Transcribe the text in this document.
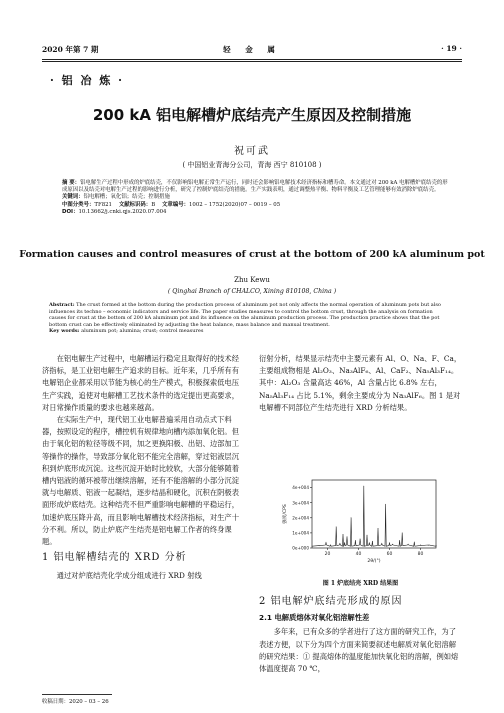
2020 年第 7 期	轻 金 属	· 19 ·
· 铝 冶 炼 ·
200 kA 铝电解槽炉底结壳产生原因及控制措施
祝可武
( 中国铝业青海分公司，青海 西宁 810108 )
摘 要：铝电解生产过程中形成的炉底结壳，不仅影响铝电解正常生产运行，同时还会影响铝电解技术经济指标和槽寿命。本文通过对 200 kA 电解槽炉底结壳的形成原因以及结壳对电解生产过程的影响进行分析，研究了控制炉底结壳的措施。生产实践表明，通过调整热平衡、物料平衡及工艺管理能够有效消除炉底结壳。
关键词：铝电解槽；氧化铝；结壳；控制措施
中图分类号：TF821 文献标识码：B 文章编号：1002 – 1752(2020)07 – 0019 – 05
DOI：10.13662/j.cnki.qjs.2020.07.004
Formation causes and control measures of crust at the bottom of 200 kA aluminum pot
Zhu Kewu
( Qinghai Branch of CHALCO, Xining 810108, China )
Abstract: The crust formed at the bottom during the production process of aluminum pot not only affects the normal operation of aluminum pots but also influences its techno – economic indicators and service life. The paper studies measures to control the bottom crust, through the analysis on formation causes for crust at the bottom of 200 kA aluminum pot and its influence on the aluminum production process. The production practice shows that the pot bottom crust can be effectively eliminated by adjusting the heat balance, mass balance and manual treatment.
Key words: aluminum pot; alumina; crust; control measures

在铝电解生产过程中，电解槽运行稳定且取得好的技术经济指标，是工业铝电解生产追求的目标。近年来，几乎所有有电解铝企业都采用以节能为核心的生产模式，积极探索低电压生产实践，追使对电解槽工艺技术条件的选定提出更高要求，对日常操作质量的要求也越来越高。

在实际生产中，现代铝工业电解普遍采用自动点式下料器，按照设定的程序，槽控机有规律地向槽内添加氧化铝。但由于氧化铝的粒径等级不同，加之更换阳极、出铝、边部加工等操作的操作，导致部分氧化铝不能完全溶解，穿过铝液层沉积到炉底形成沉淀。这些沉淀开始时比较软，大部分能够随着槽内铝液的循环被带出继续溶解，还有不能溶解的小部分沉淀就与电解质、铝液一起凝结，逐步结晶和硬化，沉积在阴极表面形成炉底结壳。这种结壳不但严重影响电解槽的平稳运行，加速炉底压降升高，而且影响电解槽技术经济指标，对生产十分不利。所以，防止炉底产生结壳是铝电解工作者的终身课题。

1 铝电解槽结壳的 XRD 分析

通过对炉底结壳化学成分组成进行 XRD 射线

衍射分析，结果显示结壳中主要元素有 Al、O、Na、F、Ca，主要组成物相是 Al₂O₃、Na₃AlF₆、Al、CaF₂、Na₅Al₃F₁₄。其中：Al₂O₃ 含量高达 46%，Al 含量占比 6.8% 左右，Na₅Al₃F₁₄ 占比 5.1%，剩余主要成分为 Na₃AlF₆。图 1 是对电解槽不同部位产生结壳进行 XRD 分析结果。

4e+004
3e+004
2e+004
1e+004
0e+000
20	40	60	80
强度/CPS
2θ/(°)
图 1 炉底结壳 XRD 结果图
2 铝电解炉底结壳形成的原因
2.1 电解质熔体对氧化铝溶解性差

多年来，已有众多的学者进行了这方面的研究工作，为了表述方便，以下分为四个方面来简要叙述电解质对氧化铝溶解的研究结果：① 提高熔体的温度能加快氧化铝的溶解，例如熔体温度提高 70 ℃，

收稿日期：2020 – 03 – 26
